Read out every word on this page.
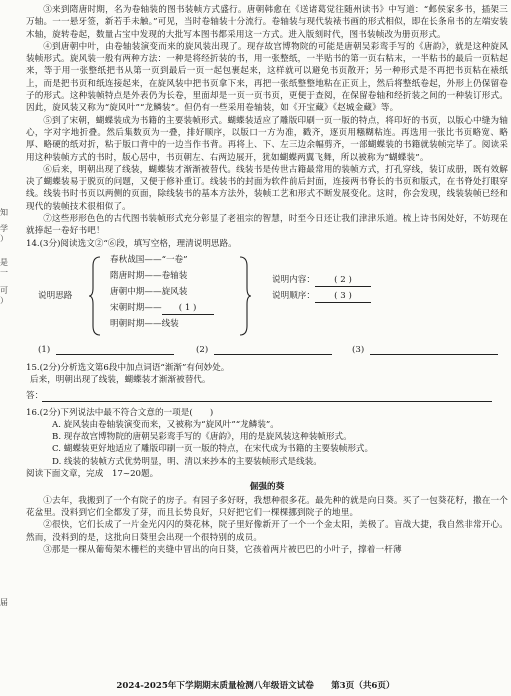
知
学
）
是
一
可
）
届

③来到隋唐时期，名为卷轴装的图书装帧方式盛行。唐朝韩愈在《送诸葛觉往随州读书》中写道：“邺侯家多书，插架三万轴。一一悬牙签，新若手未触。”可见，当时卷轴装十分流行。卷轴装与现代装裱书画的形式相似，即在长条帛书的左端安装木轴，旋转卷起，数量占宝中发现的大批写本图书都采用这一方式。进入版刻时代，图书装帧改为册页形式。

④到唐朝中叶，由卷轴装演变而来的旋风装出现了。现存故宫博物院的可能是唐朝吴彩鸾手写的《唐韵》，就是这种旋风装帧形式。旋风装一般有两种方法：一种是将经折装的书，用一张整纸，一半贴书的第一页右粘末，一半粘书的最后一页粘起来，等于用一张整纸把书从第一页到最后一页一起包裹起来，这样就可以避免书页散开；另一种形式是不再把书页粘在裱纸上，而是把书页和纸连接起来，在旋风装中把书页拿下来，再把一张纸整整地粘在正页上，然后将整纸卷起，外形上仍保留卷子的形式。这种装帧特点是外表仍为长卷，里面却是一页一页书页，更便于查阅，在保留卷轴和经折装之间的一种装订形式。因此，旋风装又称为“旋风叶”“龙鳞装”。但仍有一些采用卷轴装，如《开宝藏》《赵城金藏》等。

⑤到了宋朝，蝴蝶装成为书籍的主要装帧形式。蝴蝶装适应了雕版印刷一页一版的特点，将印好的书页，以版心中缝为轴心，字对字地折叠。然后集数页为一叠，排好顺序，以版口一方为准，戳齐，逐页用糨糊粘连。再选用一张比书页略宽、略厚、略硬的纸对折，粘于版口背中的一边当作书背。再将上、下、左三边余幅剪齐，一部蝴蝶装的书籍就装帧完毕了。阅读采用这种装帧方式的书时，版心居中，书页朝左、右两边展开，犹如蝴蝶两翼飞舞，所以被称为“蝴蝶装”。

⑥后来，明朝出现了线装，蝴蝶装才渐渐被替代。线装书是传世古籍最常用的装帧方式，打孔穿线，装订成册，既有效解决了蝴蝶装易于脱页的问题，又便于修补重订。线装书的封面为软件前后封面，连接两书脊长的书页和版式，在书脊处打眼穿线。线装书时书页以两侧的页面，除线装书的基本方法外，装帧工艺和形式不断发展变化。这时，你会发现，线装装帧已经和现代的装帧技术很相似了。

⑦这些形形色色的古代图书装帧形式充分彰显了老祖宗的智慧，时至今日还让我们津津乐道。梳上诗书闲处好，不妨现在就捧起一卷好书吧！

14.(3分)阅读选文②“⑥段，填写空格，理清说明思路。

说明思路
春秋战国——“一卷”
隋唐时期——卷轴装
唐朝中期——旋风装
宋朝时期—— ( 1 )
明朝时期——线装
说明内容： ( 2 )
说明顺序： ( 3 )
(1)	(2)	(3)

15.(2分)分析选文第6段中加点词语“渐渐”有何妙处。

后来，明朝出现了线装，蝴蝶装才渐渐被替代。

答：

16.(2分)下列说法中最不符合文意的一项是(　　)

A. 旋风装由卷轴装演变而来，又被称为“旋风叶”“龙鳞装”。

B. 现存故宫博物院的唐朝吴彩鸾手写的《唐韵》，用的是旋风装这种装帧形式。

C. 蝴蝶装更好地适应了雕版印刷一页一版的特点，在宋代成为书籍的主要装帧形式。

D. 线装的装帧方式优势明显，明、清以来抄本的主要装帧形式是线装。

阅读下面文章，完成　17~20题。

倔强的葵

①去年，我搬到了一个有院子的房子。有园子多好呀，我想种很多花。最先种的就是向日葵。买了一包葵花籽，撒在一个花盆里。没料到它们全都发了芽，而且长势良好，只好把它们一棵棵挪到院子的地里。

②很快，它们长成了一片金光闪闪的葵花林，院子里好像新开了一个一个金太阳，美极了。盲战大捷，我自然非常开心。然而，没料到的是，这批向日葵里会出现一个很特别的成员。

③那是一棵从葡萄架木栅栏的夹缝中冒出的向日葵，它孩着两片被巴巴的小叶子，撑着一杆薄

2024-2025年下学期期末质量检测八年级语文试卷　　第3页（共6页）
